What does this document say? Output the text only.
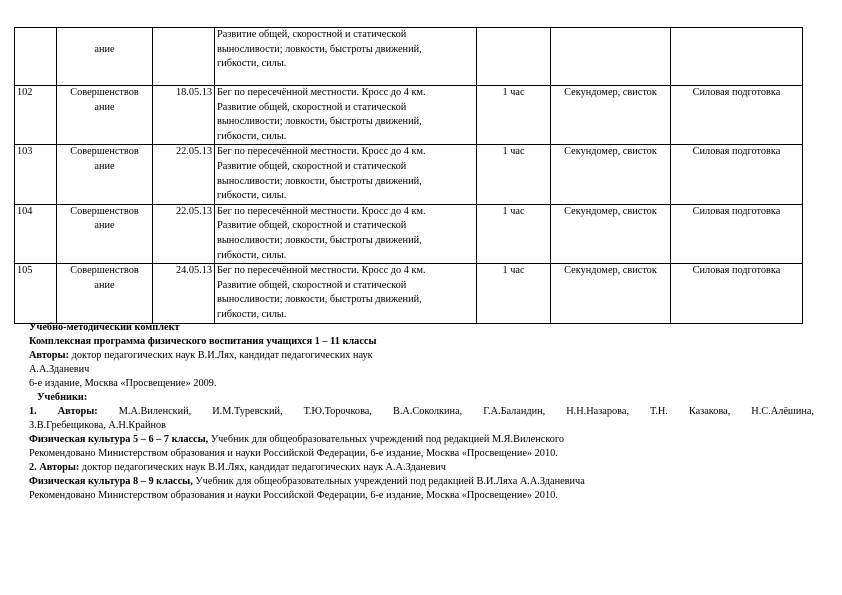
	ание		Развитие общей, скоростной и статической
выносливости; ловкости, быстроты движений,
гибкости, силы.			

102	Совершенствов
ание	18.05.13	Бег по пересечённой местности. Кросс до 4 км.
Развитие общей, скоростной и статической
выносливости; ловкости, быстроты движений,
гибкости, силы.	1 час	Секундомер, свисток	Силовая подготовка
103	Совершенствов
ание	22.05.13	Бег по пересечённой местности. Кросс до 4 км.
Развитие общей, скоростной и статической
выносливости; ловкости, быстроты движений,
гибкости, силы.	1 час	Секундомер, свисток	Силовая подготовка
104	Совершенствов
ание	22.05.13	Бег по пересечённой местности. Кросс до 4 км.
Развитие общей, скоростной и статической
выносливости; ловкости, быстроты движений,
гибкости, силы.	1 час	Секундомер, свисток	Силовая подготовка
105	Совершенствов
ание	24.05.13	Бег по пересечённой местности. Кросс до 4 км.
Развитие общей, скоростной и статической
выносливости; ловкости, быстроты движений,
гибкости, силы.	1 час	Секундомер, свисток	Силовая подготовка

Учебно-методический комплект

Комплексная программа физического воспитания учащихся 1 – 11 классы

Авторы: доктор педагогических наук В.И.Лях, кандидат педагогических наук

А.А.Зданевич

6-е издание, Москва «Просвещение» 2009.

Учебники:

1. Авторы: М.А.Виленский, И.М.Туревский, Т.Ю.Торочкова, В.А.Соколкина, Г.А.Баландин, Н.Н.Назарова, Т.Н. Казакова, Н.С.Алёшина,

З.В.Гребещикова, А.Н.Крайнов

Физическая культура 5 – 6 – 7 классы, Учебник для общеобразовательных учреждений под редакцией М.Я.Виленского

Рекомендовано Министерством образования и науки Российской Федерации, 6-е издание, Москва «Просвещение» 2010.

2. Авторы: доктор педагогических наук В.И.Лях, кандидат педагогических наук А.А.Зданевич

Физическая культура 8 – 9 классы, Учебник для общеобразовательных учреждений под редакцией В.И.Ляха А.А.Зданевича

Рекомендовано Министерством образования и науки Российской Федерации, 6-е издание, Москва «Просвещение» 2010.
